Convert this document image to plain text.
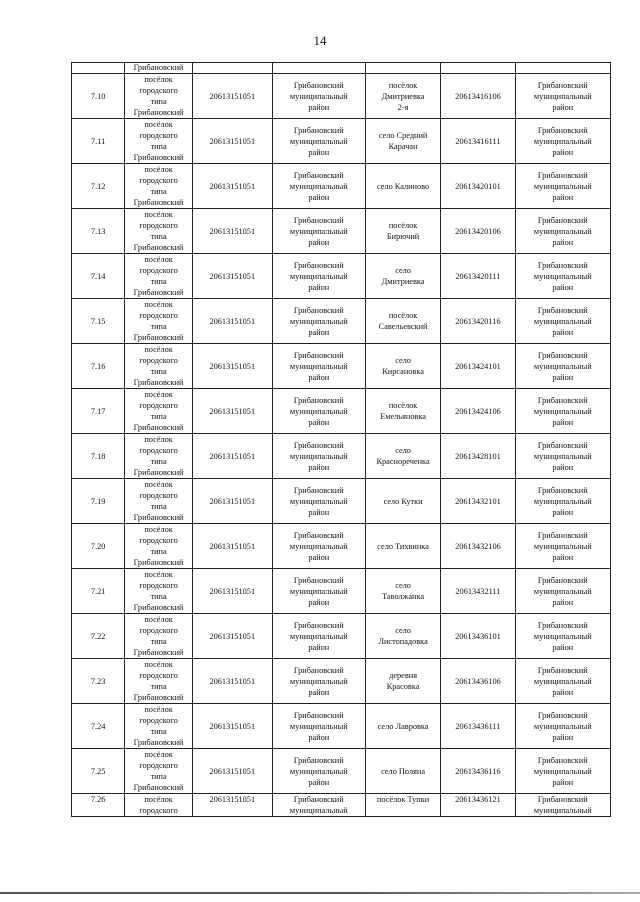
14
	Грибановский					
7.10	посёлок
городского
типа
Грибановский	20613151051	Грибановский
муниципальный
район	посёлок
Дмитриевка
2-я	20613416106	Грибановский
муниципальный
район
7.11	посёлок
городского
типа
Грибановский	20613151051	Грибановский
муниципальный
район	село Средний
Карачан	20613416111	Грибановский
муниципальный
район
7.12	посёлок
городского
типа
Грибановский	20613151051	Грибановский
муниципальный
район	село Калиново	20613420101	Грибановский
муниципальный
район
7.13	посёлок
городского
типа
Грибановский	20613151051	Грибановский
муниципальный
район	посёлок
Бирючий	20613420106	Грибановский
муниципальный
район
7.14	посёлок
городского
типа
Грибановский	20613151051	Грибановский
муниципальный
район	село
Дмитриевка	20613420111	Грибановский
муниципальный
район
7.15	посёлок
городского
типа
Грибановский	20613151051	Грибановский
муниципальный
район	посёлок
Савельевский	20613420116	Грибановский
муниципальный
район
7.16	посёлок
городского
типа
Грибановский	20613151051	Грибановский
муниципальный
район	село
Кирсановка	20613424101	Грибановский
муниципальный
район
7.17	посёлок
городского
типа
Грибановский	20613151051	Грибановский
муниципальный
район	посёлок
Емельяновка	20613424106	Грибановский
муниципальный
район
7.18	посёлок
городского
типа
Грибановский	20613151051	Грибановский
муниципальный
район	село
Краснореченка	20613428101	Грибановский
муниципальный
район
7.19	посёлок
городского
типа
Грибановский	20613151051	Грибановский
муниципальный
район	село Кутки	20613432101	Грибановский
муниципальный
район
7.20	посёлок
городского
типа
Грибановский	20613151051	Грибановский
муниципальный
район	село Тихвинка	20613432106	Грибановский
муниципальный
район
7.21	посёлок
городского
типа
Грибановский	20613151051	Грибановский
муниципальный
район	село
Таволжанка	20613432111	Грибановский
муниципальный
район
7.22	посёлок
городского
типа
Грибановский	20613151051	Грибановский
муниципальный
район	село
Листопадовка	20613436101	Грибановский
муниципальный
район
7.23	посёлок
городского
типа
Грибановский	20613151051	Грибановский
муниципальный
район	деревня
Красовка	20613436106	Грибановский
муниципальный
район
7.24	посёлок
городского
типа
Грибановский	20613151051	Грибановский
муниципальный
район	село Лавровка	20613436111	Грибановский
муниципальный
район
7.25	посёлок
городского
типа
Грибановский	20613151051	Грибановский
муниципальный
район	село Поляна	20613436116	Грибановский
муниципальный
район
7.26	посёлок
городского	20613151051	Грибановский
муниципальный	посёлок Тупки	20613436121	Грибановский
муниципальный
